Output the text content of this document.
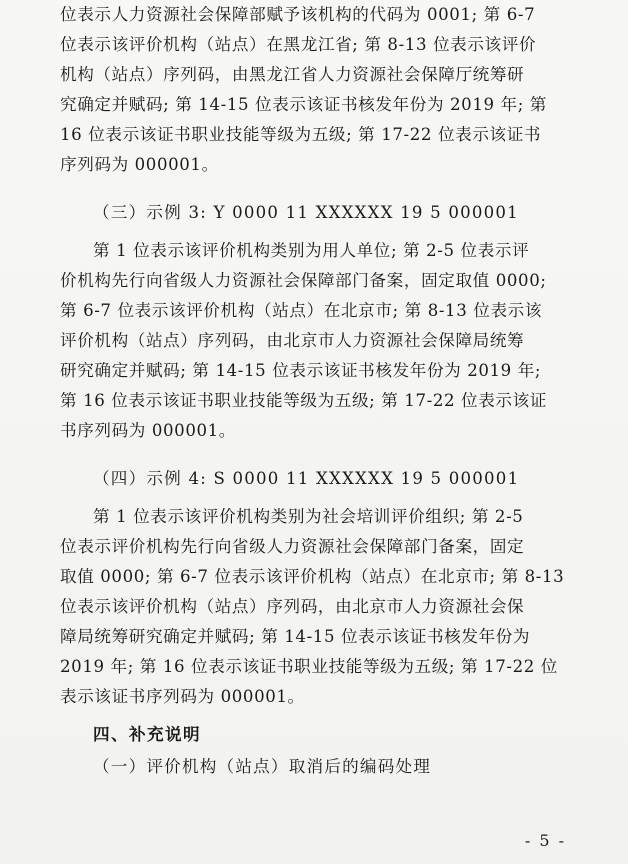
位表示人力资源社会保障部赋予该机构的代码为 0001; 第 6-7
位表示该评价机构（站点）在黑龙江省; 第 8-13 位表示该评价
机构（站点）序列码，由黑龙江省人力资源社会保障厅统筹研
究确定并赋码; 第 14-15 位表示该证书核发年份为 2019 年; 第
16 位表示该证书职业技能等级为五级; 第 17-22 位表示该证书
序列码为 000001。
（三）示例 3: Y 0000 11 XXXXXX 19 5 000001
第 1 位表示该评价机构类别为用人单位; 第 2-5 位表示评
价机构先行向省级人力资源社会保障部门备案，固定取值 0000;
第 6-7 位表示该评价机构（站点）在北京市; 第 8-13 位表示该
评价机构（站点）序列码，由北京市人力资源社会保障局统筹
研究确定并赋码; 第 14-15 位表示该证书核发年份为 2019 年;
第 16 位表示该证书职业技能等级为五级; 第 17-22 位表示该证
书序列码为 000001。
（四）示例 4: S 0000 11 XXXXXX 19 5 000001
第 1 位表示该评价机构类别为社会培训评价组织; 第 2-5
位表示评价机构先行向省级人力资源社会保障部门备案，固定
取值 0000; 第 6-7 位表示该评价机构（站点）在北京市; 第 8-13
位表示该评价机构（站点）序列码，由北京市人力资源社会保
障局统筹研究确定并赋码; 第 14-15 位表示该证书核发年份为
2019 年; 第 16 位表示该证书职业技能等级为五级; 第 17-22 位
表示该证书序列码为 000001。
四、补充说明
（一）评价机构（站点）取消后的编码处理
- 5 -
